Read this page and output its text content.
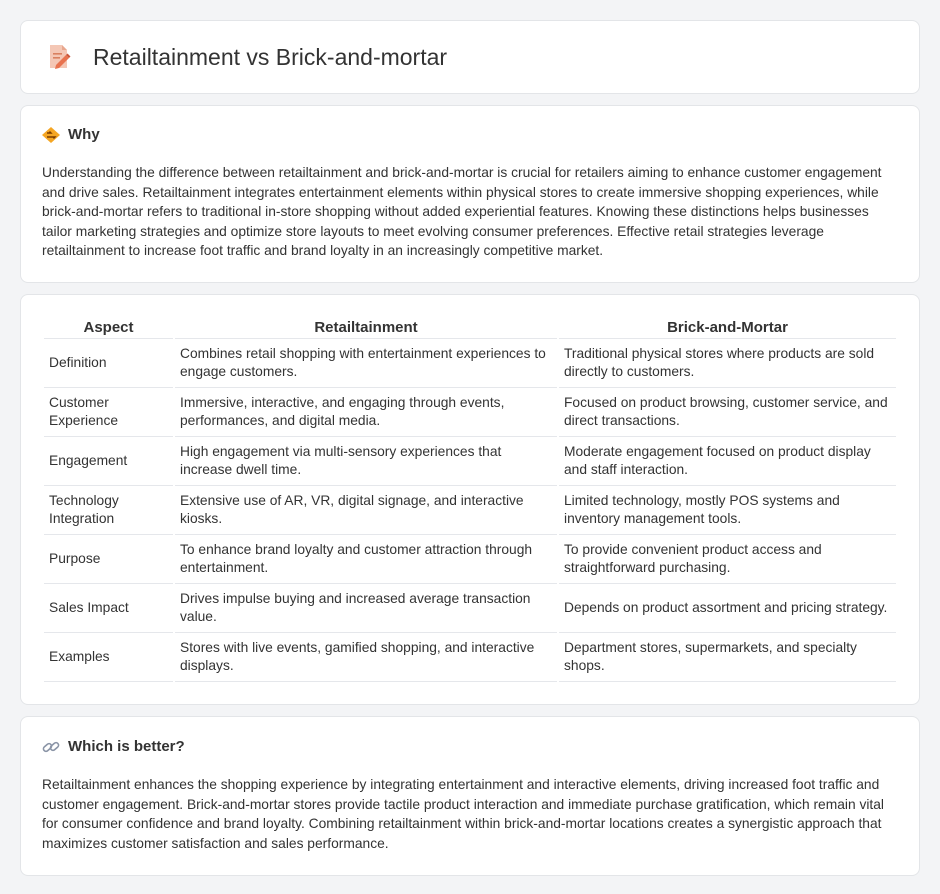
Retailtainment vs Brick-and-mortar
Why

Understanding the difference between retailtainment and brick-and-mortar is crucial for retailers aiming to enhance customer engagement and drive sales. Retailtainment integrates entertainment elements within physical stores to create immersive shopping experiences, while brick-and-mortar refers to traditional in-store shopping without added experiential features. Knowing these distinctions helps businesses tailor marketing strategies and optimize store layouts to meet evolving consumer preferences. Effective retail strategies leverage retailtainment to increase foot traffic and brand loyalty in an increasingly competitive market.

Aspect	Retailtainment	Brick-and-Mortar
Definition	Combines retail shopping with entertainment experiences to engage customers.	Traditional physical stores where products are sold directly to customers.
Customer Experience	Immersive, interactive, and engaging through events, performances, and digital media.	Focused on product browsing, customer service, and direct transactions.
Engagement	High engagement via multi-sensory experiences that increase dwell time.	Moderate engagement focused on product display and staff interaction.
Technology Integration	Extensive use of AR, VR, digital signage, and interactive kiosks.	Limited technology, mostly POS systems and inventory management tools.
Purpose	To enhance brand loyalty and customer attraction through entertainment.	To provide convenient product access and straightforward purchasing.
Sales Impact	Drives impulse buying and increased average transaction value.	Depends on product assortment and pricing strategy.
Examples	Stores with live events, gamified shopping, and interactive displays.	Department stores, supermarkets, and specialty shops.
Which is better?

Retailtainment enhances the shopping experience by integrating entertainment and interactive elements, driving increased foot traffic and customer engagement. Brick-and-mortar stores provide tactile product interaction and immediate purchase gratification, which remain vital for consumer confidence and brand loyalty. Combining retailtainment within brick-and-mortar locations creates a synergistic approach that maximizes customer satisfaction and sales performance.
